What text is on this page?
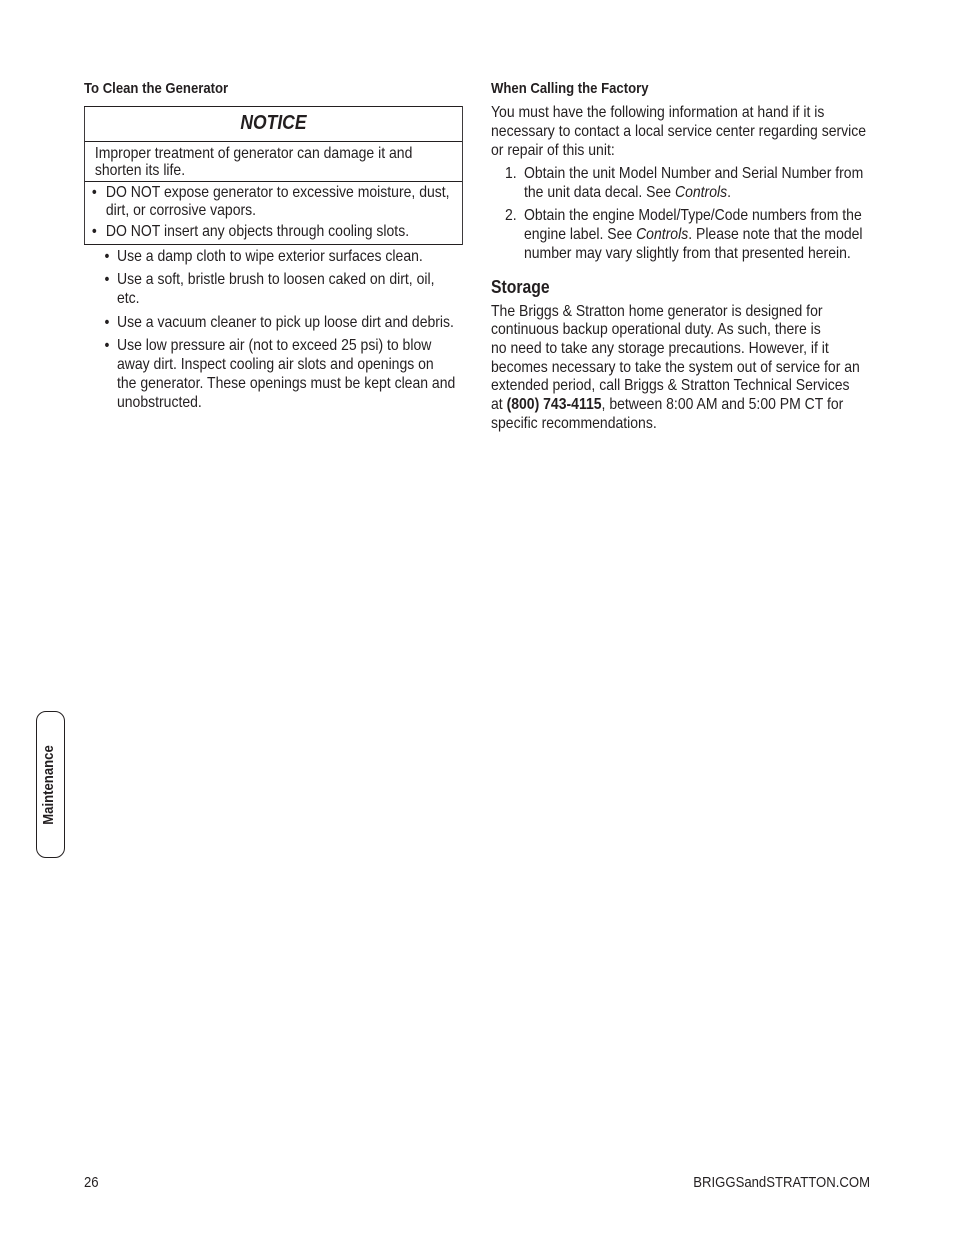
To Clean the Generator
NOTICE
Improper treatment of generator can damage it and
shorten its life.
• DO NOT expose generator to excessive moisture, dust,
dirt, or corrosive vapors.
• DO NOT insert any objects through cooling slots.
• Use a damp cloth to wipe exterior surfaces clean.
• Use a soft, bristle brush to loosen caked on dirt, oil,
etc.
• Use a vacuum cleaner to pick up loose dirt and debris.
• Use low pressure air (not to exceed 25 psi) to blow
away dirt. Inspect cooling air slots and openings on
the generator. These openings must be kept clean and
unobstructed.
When Calling the Factory
You must have the following information at hand if it is
necessary to contact a local service center regarding service
or repair of this unit:
1. Obtain the unit Model Number and Serial Number from
the unit data decal. See Controls.
2. Obtain the engine Model/Type/Code numbers from the
engine label. See Controls. Please note that the model
number may vary slightly from that presented herein.
Storage
The Briggs & Stratton home generator is designed for
continuous backup operational duty. As such, there is
no need to take any storage precautions. However, if it
becomes necessary to take the system out of service for an
extended period, call Briggs & Stratton Technical Services
at (800) 743-4115, between 8:00 AM and 5:00 PM CT for
specific recommendations.
Maintenance
26	BRIGGSandSTRATTON.COM
